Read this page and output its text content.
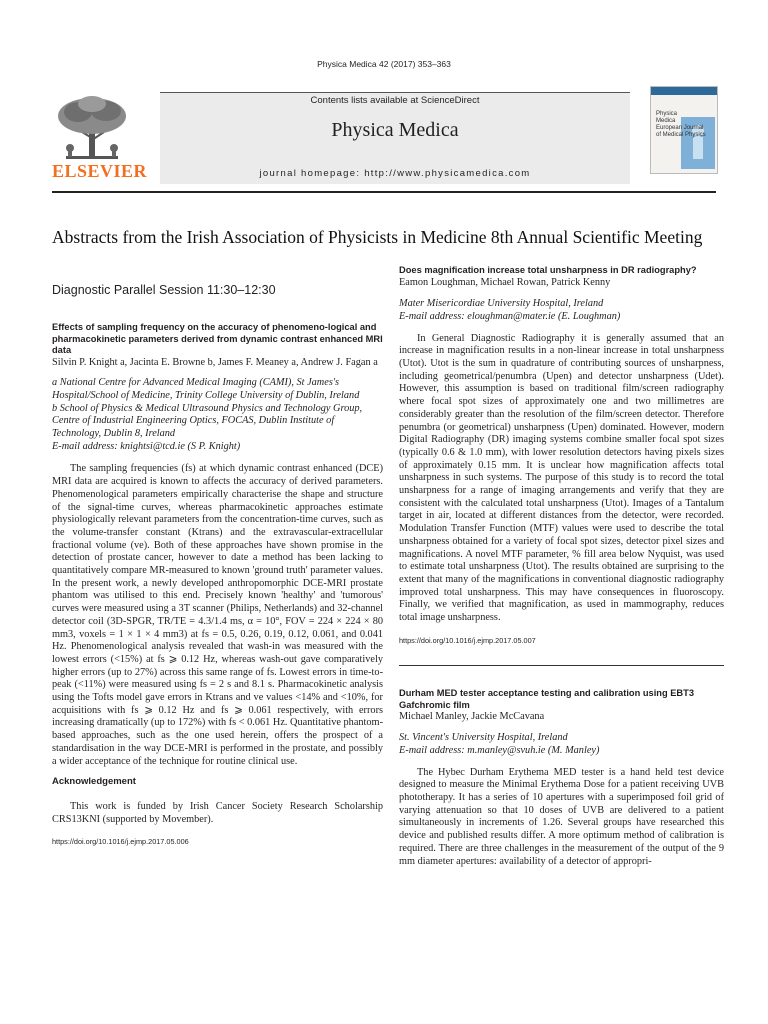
Physica Medica 42 (2017) 353–363
ELSEVIER
Contents lists available at ScienceDirect
Physica Medica
journal homepage: http://www.physicamedica.com
Physica
Medica
European Journal
of Medical Physics
Abstracts from the Irish Association of Physicists in Medicine 8th Annual Scientific Meeting
Diagnostic Parallel Session 11:30–12:30
Effects of sampling frequency on the accuracy of phenomeno-logical and pharmacokinetic parameters derived from dynamic contrast enhanced MRI data
Silvin P. Knight a, Jacinta E. Browne b, James F. Meaney a, Andrew J. Fagan a
a National Centre for Advanced Medical Imaging (CAMI), St James's Hospital/School of Medicine, Trinity College University of Dublin, Ireland
b School of Physics & Medical Ultrasound Physics and Technology Group, Centre of Industrial Engineering Optics, FOCAS, Dublin Institute of Technology, Dublin 8, Ireland
E-mail address: knightsi@tcd.ie (S P. Knight)
The sampling frequencies (fs) at which dynamic contrast enhanced (DCE) MRI data are acquired is known to affects the accuracy of derived parameters. Phenomenological parameters empirically characterise the shape and structure of the signal-time curves, whereas pharmacokinetic approaches estimate physiologically relevant parameters from the concentration-time curves, such as the volume-transfer constant (Ktrans) and the extravascular-extracellular fractional volume (ve). Both of these approaches have shown promise in the detection of prostate cancer, however to date a method has been lacking to quantitatively compare MR-measured to known 'ground truth' parameter values. In the present work, a newly developed anthropomorphic DCE-MRI prostate phantom was utilised to this end. Precisely known 'healthy' and 'tumorous' curves were measured using a 3T scanner (Philips, Netherlands) and 32-channel detector coil (3D-SPGR, TR/TE = 4.3/1.4 ms, α = 10°, FOV = 224 × 224 × 80 mm3, voxels = 1 × 1 × 4 mm3) at fs = 0.5, 0.26, 0.19, 0.12, 0.061, and 0.041 Hz. Phenomenological analysis revealed that wash-in was measured with the lowest errors (<15%) at fs ⩾ 0.12 Hz, whereas wash-out gave comparatively higher errors (up to 27%) across this same range of fs. Lowest errors in time-to-peak (<11%) were measured using fs = 2 s and 8.1 s. Pharmacokinetic analysis using the Tofts model gave errors in Ktrans and ve values <14% and <10%, for acquisitions with fs ⩾ 0.12 Hz and fs ⩾ 0.061 respectively, with errors increasing dramatically (up to 172%) with fs < 0.061 Hz. Quantitative phantom-based approaches, such as the one used herein, offers the prospect of a standardisation in the way DCE-MRI is performed in the prostate, and possibly a wider acceptance of the technique for routine clinical use.
Acknowledgement
This work is funded by Irish Cancer Society Research Scholarship CRS13KNI (supported by Movember).
https://doi.org/10.1016/j.ejmp.2017.05.006
Does magnification increase total unsharpness in DR radiography?
Eamon Loughman, Michael Rowan, Patrick Kenny
Mater Misericordiae University Hospital, Ireland
E-mail address: eloughman@mater.ie (E. Loughman)
In General Diagnostic Radiography it is generally assumed that an increase in magnification results in a non-linear increase in total unsharpness (Utot). Utot is the sum in quadrature of contributing sources of unsharpness, including geometrical/penumbra (Upen) and detector unsharpness (Udet). However, this assumption is based on traditional film/screen radiography where focal spot sizes of approximately one and two millimetres are considerably greater than the resolution of the film/screen detector. Therefore penumbra (or geometrical) unsharpness (Upen) dominated. However, modern Digital Radiography (DR) imaging systems combine smaller focal spot sizes (typically 0.6 & 1.0 mm), with lower resolution detectors having pixels sizes of approximately 0.15 mm. It is unclear how magnification affects total unsharpness in such systems. The purpose of this study is to record the total unsharpness for a range of imaging arrangements and verify that they are consistent with the calculated total unsharpness (Utot). Images of a Tantalum target in air, located at different distances from the detector, were recorded. Modulation Transfer Function (MTF) values were used to describe the total unsharpness obtained for a variety of focal spot sizes, detector pixel sizes and magnifications. A novel MTF parameter, % fill area below Nyquist, was used to estimate total unsharpness (Utot). The results obtained are surprising to the extent that many of the magnifications in conventional diagnostic radiography improved total unsharpness. This may have consequences in fluoroscopy. Finally, we verified that magnification, as used in mammography, reduces total image unsharpness.
https://doi.org/10.1016/j.ejmp.2017.05.007
Durham MED tester acceptance testing and calibration using EBT3 Gafchromic film
Michael Manley, Jackie McCavana
St. Vincent's University Hospital, Ireland
E-mail address: m.manley@svuh.ie (M. Manley)
The Hybec Durham Erythema MED tester is a hand held test device designed to measure the Minimal Erythema Dose for a patient receiving UVB phototherapy. It has a series of 10 apertures with a superimposed foil grid of varying attenuation so that 10 doses of UVB are delivered to a patient simultaneously in increments of 1.26. Several groups have researched this device and published results differ. A more optimum method of calibration is required. There are three challenges in the measurement of the output of the 9 mm diameter apertures: availability of a detector of appropri-
